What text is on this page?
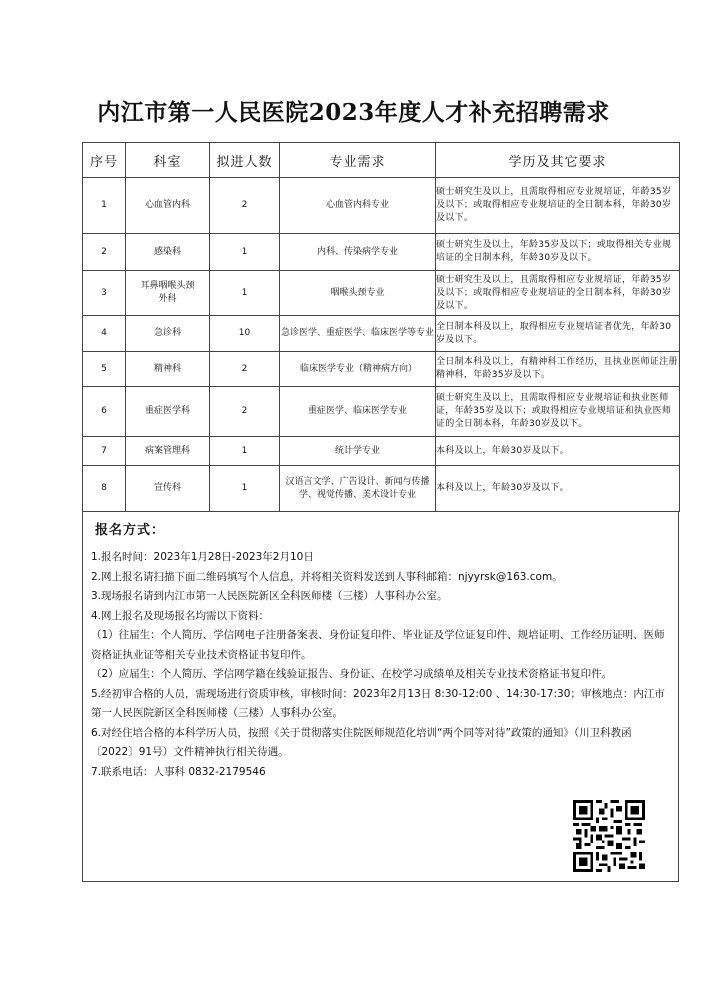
内江市第一人民医院2023年度人才补充招聘需求
序号	科室	拟进人数	专业需求	学历及其它要求
1	心血管内科	2	心血管内科专业	硕士研究生及以上，且需取得相应专业规培证，年龄35岁及以下；或取得相应专业规培证的全日制本科，年龄30岁及以下。
2	感染科	1	内科、传染病学专业	硕士研究生及以上，年龄35岁及以下；或取得相关专业规培证的全日制本科，年龄30岁及以下。
3	耳鼻咽喉头颈外科	1	咽喉头颈专业	硕士研究生及以上，且需取得相应专业规培证，年龄35岁及以下；或取得相应专业规培证的全日制本科，年龄30岁及以下。
4	急诊科	10	急诊医学、重症医学、临床医学等专业	全日制本科及以上，取得相应专业规培证者优先，年龄30岁及以下。
5	精神科	2	临床医学专业（精神病方向）	全日制本科及以上，有精神科工作经历，且执业医师证注册精神科，年龄35岁及以下。
6	重症医学科	2	重症医学、临床医学专业	硕士研究生及以上，且需取得相应专业规培证和执业医师证，年龄35岁及以下；或取得相应专业规培证和执业医师证的全日制本科，年龄30岁及以下。
7	病案管理科	1	统计学专业	本科及以上，年龄30岁及以下。
8	宣传科	1	汉语言文学、广告设计、新闻与传播学、视觉传播、美术设计专业	本科及以上，年龄30岁及以下。
报名方式：

1.报名时间：2023年1月28日-2023年2月10日

2.网上报名请扫描下面二维码填写个人信息，并将相关资料发送到人事科邮箱：njyyrsk@163.com。

3.现场报名请到内江市第一人民医院新区全科医师楼（三楼）人事科办公室。

4.网上报名及现场报名均需以下资料：

（1）往届生：个人简历、学信网电子注册备案表、身份证复印件、毕业证及学位证复印件、规培证明、工作经历证明、医师资格证执业证等相关专业技术资格证书复印件。

（2）应届生：个人简历、学信网学籍在线验证报告、身份证、在校学习成绩单及相关专业技术资格证书复印件。

5.经初审合格的人员，需现场进行资质审核，审核时间：2023年2月13日 8:30-12:00 、14:30-17:30；审核地点：内江市第一人民医院新区全科医师楼（三楼）人事科办公室。

6.对经住培合格的本科学历人员，按照《关于贯彻落实住院医师规范化培训“两个同等对待”政策的通知》（川卫科教函〔2022〕91号）文件精神执行相关待遇。

7.联系电话：人事科 0832-2179546
